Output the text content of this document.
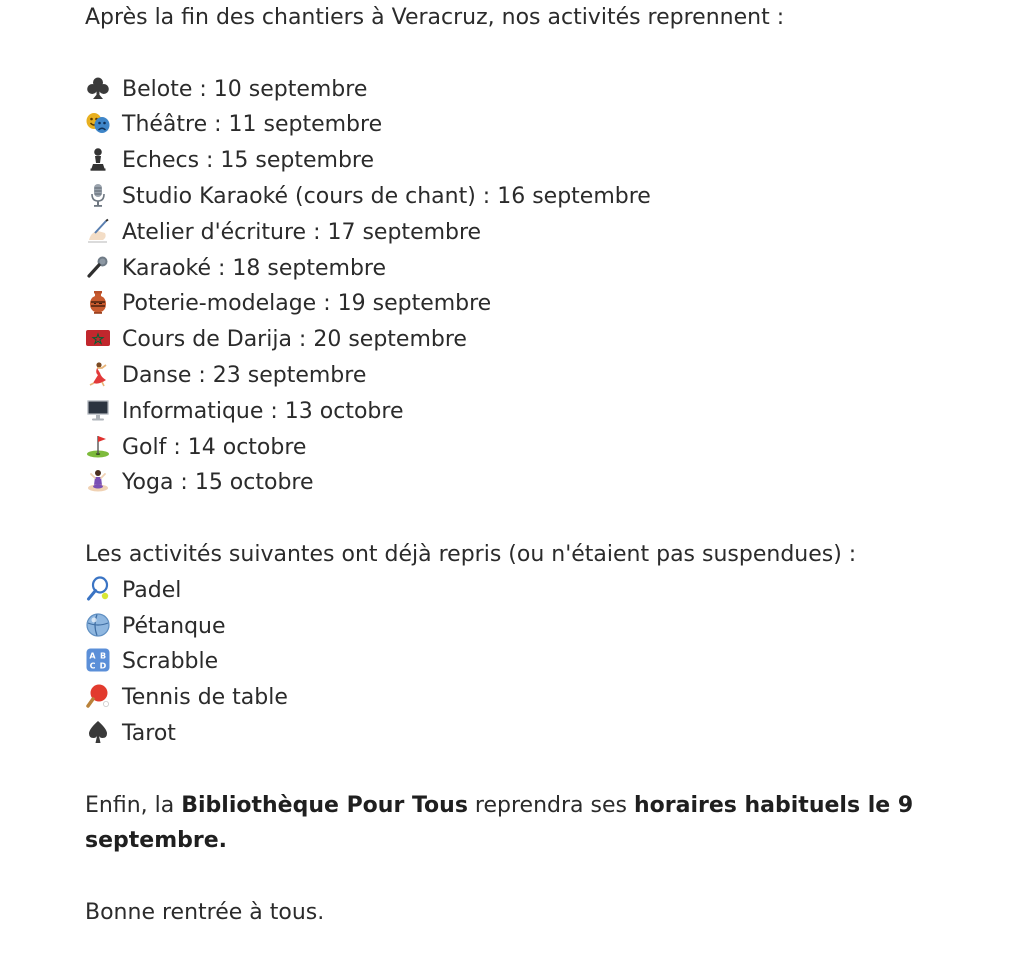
Après la fin des chantiers à Veracruz, nos activités reprennent :
Belote : 10 septembre
Théâtre : 11 septembre
Echecs : 15 septembre
Studio Karaoké (cours de chant) : 16 septembre
Atelier d'écriture : 17 septembre
Karaoké : 18 septembre
Poterie-modelage : 19 septembre
Cours de Darija : 20 septembre
Danse : 23 septembre
Informatique : 13 octobre
Golf : 14 octobre
Yoga : 15 octobre
Les activités suivantes ont déjà repris (ou n'étaient pas suspendues) :
Padel
Pétanque
A B
C D Scrabble
Tennis de table
Tarot
Enfin, la Bibliothèque Pour Tous reprendra ses horaires habituels le 9 septembre.
Bonne rentrée à tous.
